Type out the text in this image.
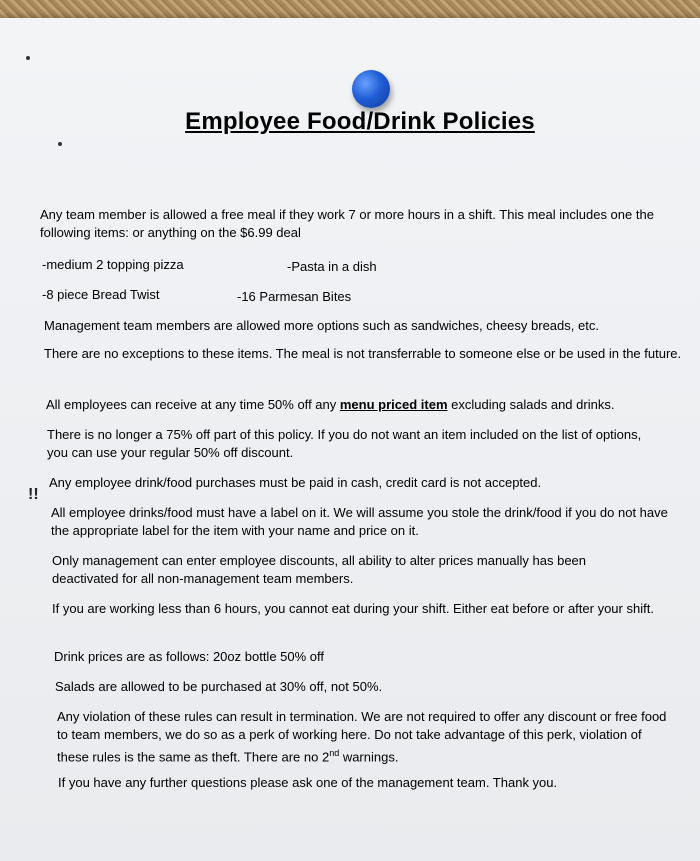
Employee Food/Drink Policies
!!
Any team member is allowed a free meal if they work 7 or more hours in a shift. This meal includes one the following items: or anything on the $6.99 deal
-medium 2 topping pizza	-Pasta in a dish
-8 piece Bread Twist	-16 Parmesan Bites
Management team members are allowed more options such as sandwiches, cheesy breads, etc.
There are no exceptions to these items. The meal is not transferrable to someone else or be used in the future.
All employees can receive at any time 50% off any menu priced item excluding salads and drinks.
There is no longer a 75% off part of this policy. If you do not want an item included on the list of options, you can use your regular 50% off discount.
Any employee drink/food purchases must be paid in cash, credit card is not accepted.
All employee drinks/food must have a label on it. We will assume you stole the drink/food if you do not have the appropriate label for the item with your name and price on it.
Only management can enter employee discounts, all ability to alter prices manually has been deactivated for all non-management team members.
If you are working less than 6 hours, you cannot eat during your shift. Either eat before or after your shift.
Drink prices are as follows: 20oz bottle 50% off
Salads are allowed to be purchased at 30% off, not 50%.
Any violation of these rules can result in termination. We are not required to offer any discount or free food to team members, we do so as a perk of working here. Do not take advantage of this perk, violation of these rules is the same as theft. There are no 2nd warnings.
If you have any further questions please ask one of the management team. Thank you.
